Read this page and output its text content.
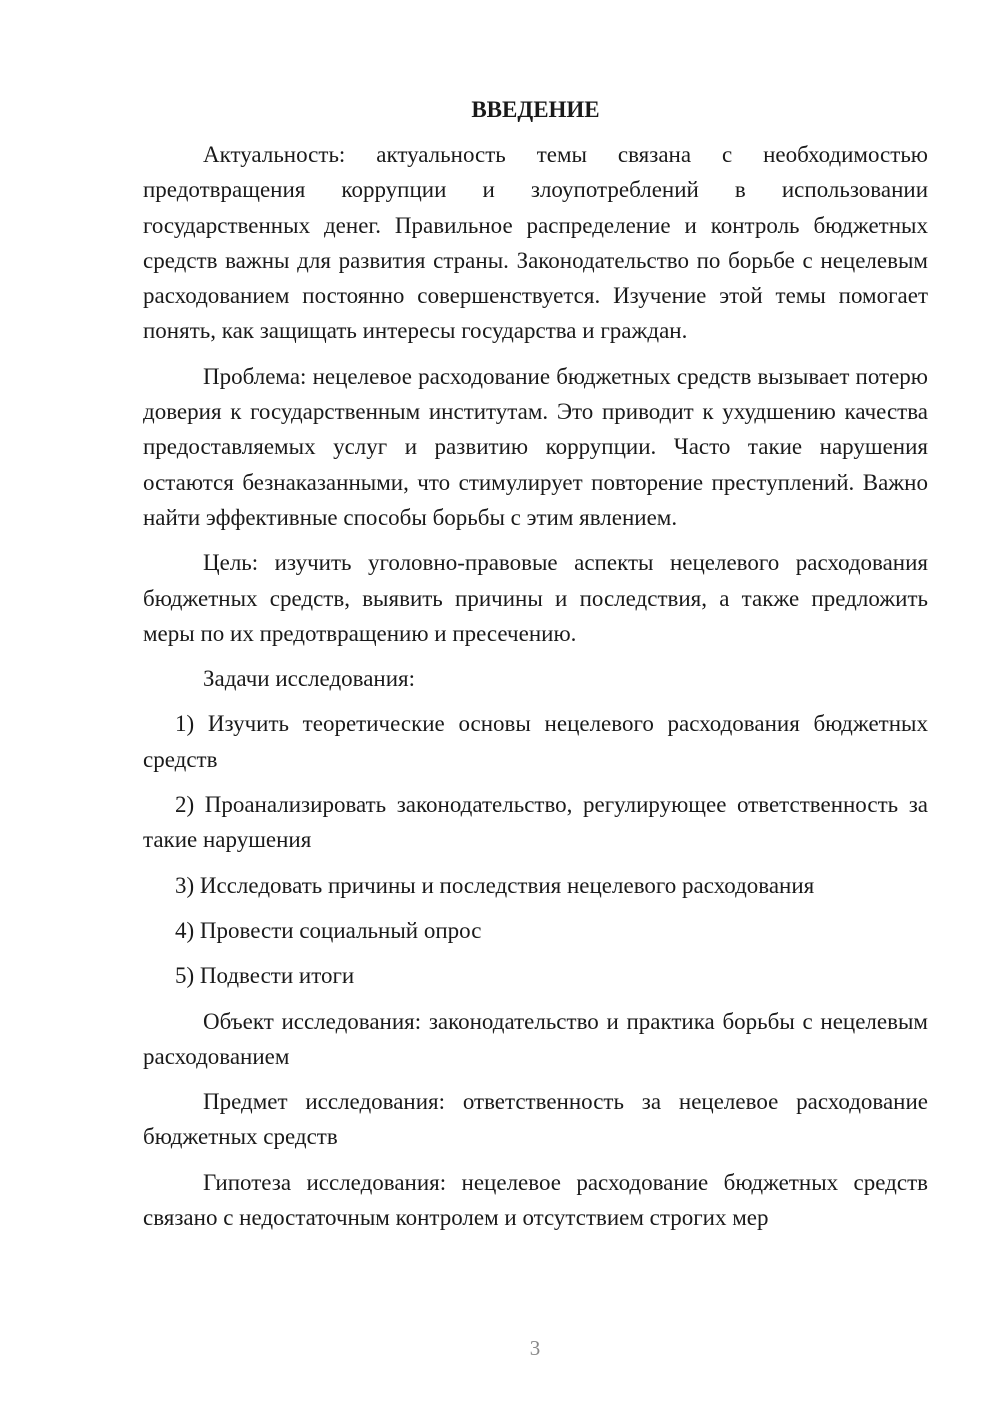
ВВЕДЕНИЕ

Актуальность: актуальность темы связана с необходимостью предотвращения коррупции и злоупотреблений в использовании государственных денег. Правильное распределение и контроль бюджетных средств важны для развития страны. Законодательство по борьбе с нецелевым расходованием постоянно совершенствуется. Изучение этой темы помогает понять, как защищать интересы государства и граждан.

Проблема: нецелевое расходование бюджетных средств вызывает потерю доверия к государственным институтам. Это приводит к ухудшению качества предоставляемых услуг и развитию коррупции. Часто такие нарушения остаются безнаказанными, что стимулирует повторение преступлений. Важно найти эффективные способы борьбы с этим явлением.

Цель: изучить уголовно-правовые аспекты нецелевого расходования бюджетных средств, выявить причины и последствия, а также предложить меры по их предотвращению и пресечению.

Задачи исследования:

1) Изучить теоретические основы нецелевого расходования бюджетных средств

2) Проанализировать законодательство, регулирующее ответственность за такие нарушения

3) Исследовать причины и последствия нецелевого расходования

4) Провести социальный опрос

5) Подвести итоги

Объект исследования: законодательство и практика борьбы с нецелевым расходованием

Предмет исследования: ответственность за нецелевое расходование бюджетных средств

Гипотеза исследования: нецелевое расходование бюджетных средств связано с недостаточным контролем и отсутствием строгих мер

3
